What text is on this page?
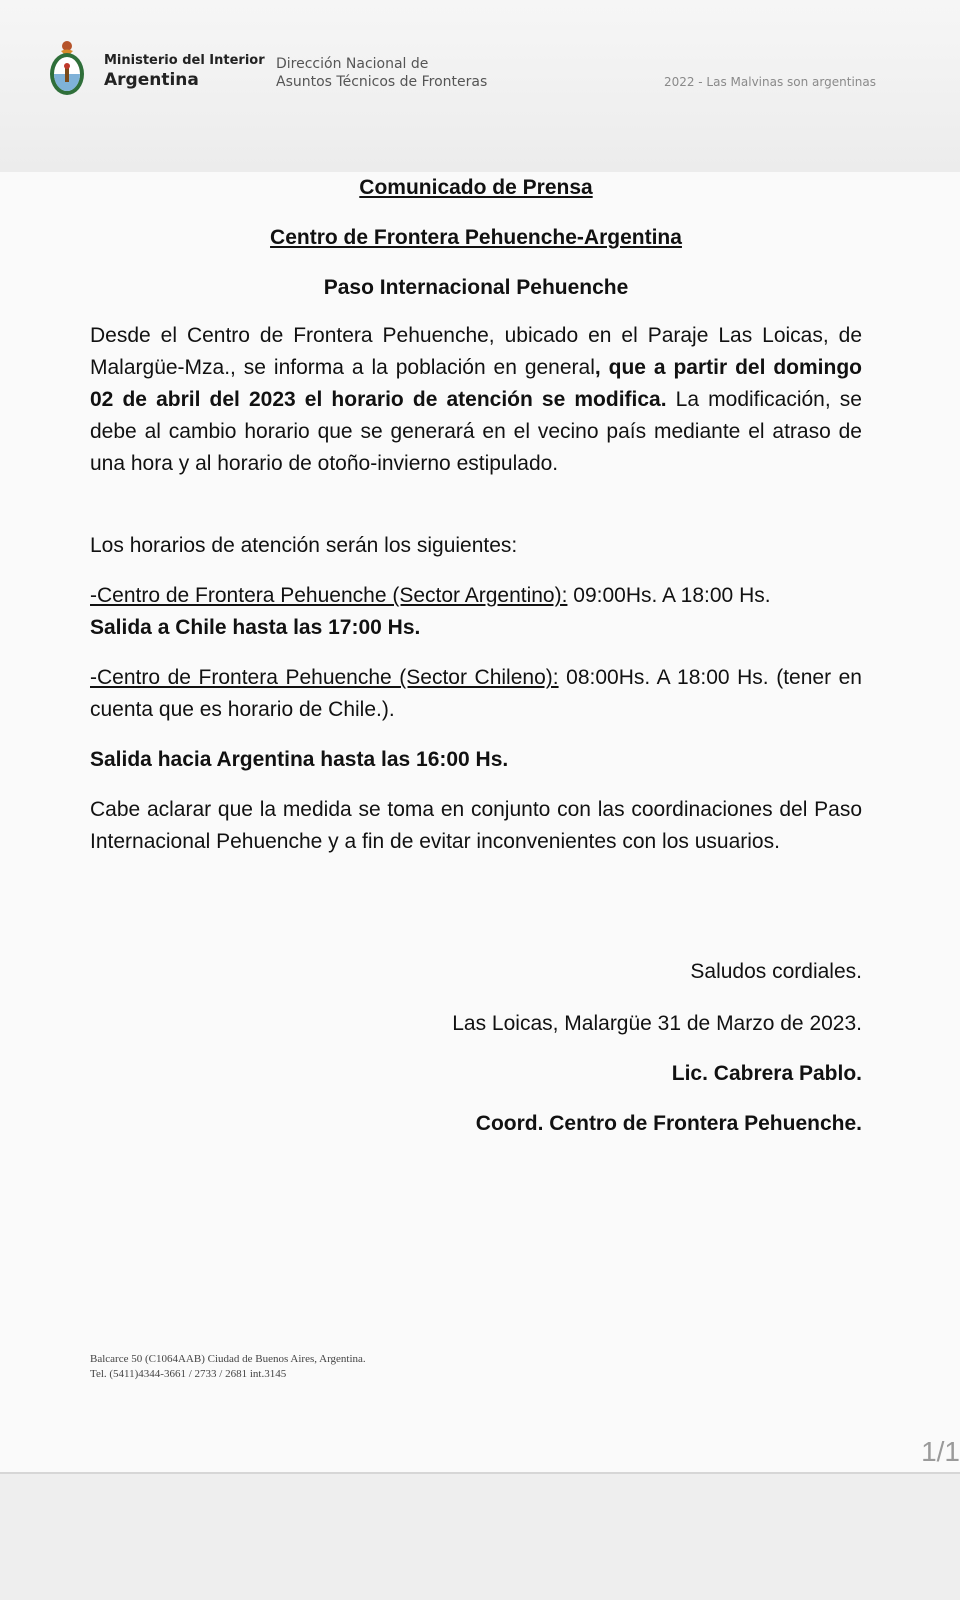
Ministerio del Interior
Argentina
Dirección Nacional de
Asuntos Técnicos de Fronteras	2022 - Las Malvinas son argentinas
Comunicado de Prensa
Centro de Frontera Pehuenche-Argentina
Paso Internacional Pehuenche
Desde el Centro de Frontera Pehuenche, ubicado en el Paraje Las Loicas, de Malargüe-Mza., se informa a la población en general, que a partir del domingo 02 de abril del 2023 el horario de atención se modifica. La modificación, se debe al cambio horario que se generará en el vecino país mediante el atraso de una hora y al horario de otoño-invierno estipulado.
Los horarios de atención serán los siguientes:
-Centro de Frontera Pehuenche (Sector Argentino): 09:00Hs. A 18:00 Hs.
Salida a Chile hasta las 17:00 Hs.
-Centro de Frontera Pehuenche (Sector Chileno): 08:00Hs. A 18:00 Hs. (tener en cuenta que es horario de Chile.).
Salida hacia Argentina hasta las 16:00 Hs.
Cabe aclarar que la medida se toma en conjunto con las coordinaciones del Paso Internacional Pehuenche y a fin de evitar inconvenientes con los usuarios.
Saludos cordiales.
Las Loicas, Malargüe 31 de Marzo de 2023.
Lic. Cabrera Pablo.
Coord. Centro de Frontera Pehuenche.
Balcarce 50 (C1064AAB) Ciudad de Buenos Aires, Argentina.
Tel. (5411)4344-3661 / 2733 / 2681 int.3145
1/1
